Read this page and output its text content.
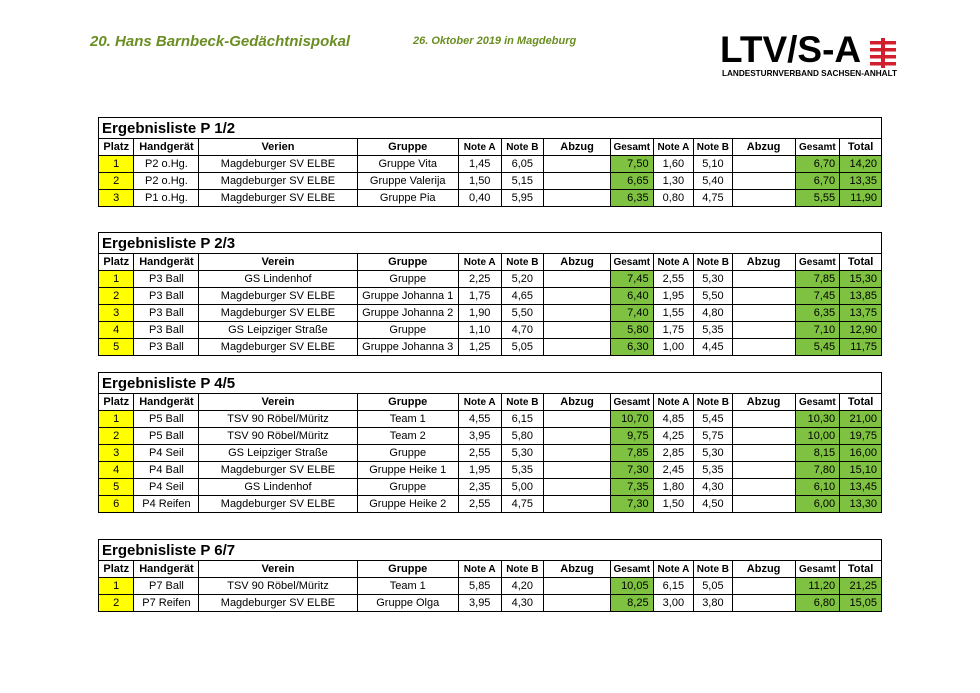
20. Hans Barnbeck-Gedächtnispokal	26. Oktober 2019 in Magdeburg	LTV/S-A
LANDESTURNVERBAND SACHSEN-ANHALT
Ergebnisliste P 1/2												
Platz	Handgerät	Verien	Gruppe	Note A	Note B	Abzug	Gesamt	Note A	Note B	Abzug	Gesamt	Total
1	P2 o.Hg.	Magdeburger SV ELBE	Gruppe Vita	1,45	6,05		7,50	1,60	5,10		6,70	14,20
2	P2 o.Hg.	Magdeburger SV ELBE	Gruppe Valerija	1,50	5,15		6,65	1,30	5,40		6,70	13,35
3	P1 o.Hg.	Magdeburger SV ELBE	Gruppe Pia	0,40	5,95		6,35	0,80	4,75		5,55	11,90
Ergebnisliste P 2/3												
Platz	Handgerät	Verein	Gruppe	Note A	Note B	Abzug	Gesamt	Note A	Note B	Abzug	Gesamt	Total
1	P3 Ball	GS Lindenhof	Gruppe	2,25	5,20		7,45	2,55	5,30		7,85	15,30
2	P3 Ball	Magdeburger SV ELBE	Gruppe Johanna 1	1,75	4,65		6,40	1,95	5,50		7,45	13,85
3	P3 Ball	Magdeburger SV ELBE	Gruppe Johanna 2	1,90	5,50		7,40	1,55	4,80		6,35	13,75
4	P3 Ball	GS Leipziger Straße	Gruppe	1,10	4,70		5,80	1,75	5,35		7,10	12,90
5	P3 Ball	Magdeburger SV ELBE	Gruppe Johanna 3	1,25	5,05		6,30	1,00	4,45		5,45	11,75
Ergebnisliste P 4/5												
Platz	Handgerät	Verein	Gruppe	Note A	Note B	Abzug	Gesamt	Note A	Note B	Abzug	Gesamt	Total
1	P5 Ball	TSV 90 Röbel/Müritz	Team 1	4,55	6,15		10,70	4,85	5,45		10,30	21,00
2	P5 Ball	TSV 90 Röbel/Müritz	Team 2	3,95	5,80		9,75	4,25	5,75		10,00	19,75
3	P4 Seil	GS Leipziger Straße	Gruppe	2,55	5,30		7,85	2,85	5,30		8,15	16,00
4	P4 Ball	Magdeburger SV ELBE	Gruppe Heike 1	1,95	5,35		7,30	2,45	5,35		7,80	15,10
5	P4 Seil	GS Lindenhof	Gruppe	2,35	5,00		7,35	1,80	4,30		6,10	13,45
6	P4 Reifen	Magdeburger SV ELBE	Gruppe Heike 2	2,55	4,75		7,30	1,50	4,50		6,00	13,30
Ergebnisliste P 6/7												
Platz	Handgerät	Verein	Gruppe	Note A	Note B	Abzug	Gesamt	Note A	Note B	Abzug	Gesamt	Total
1	P7 Ball	TSV 90 Röbel/Müritz	Team 1	5,85	4,20		10,05	6,15	5,05		11,20	21,25
2	P7 Reifen	Magdeburger SV ELBE	Gruppe Olga	3,95	4,30		8,25	3,00	3,80		6,80	15,05
